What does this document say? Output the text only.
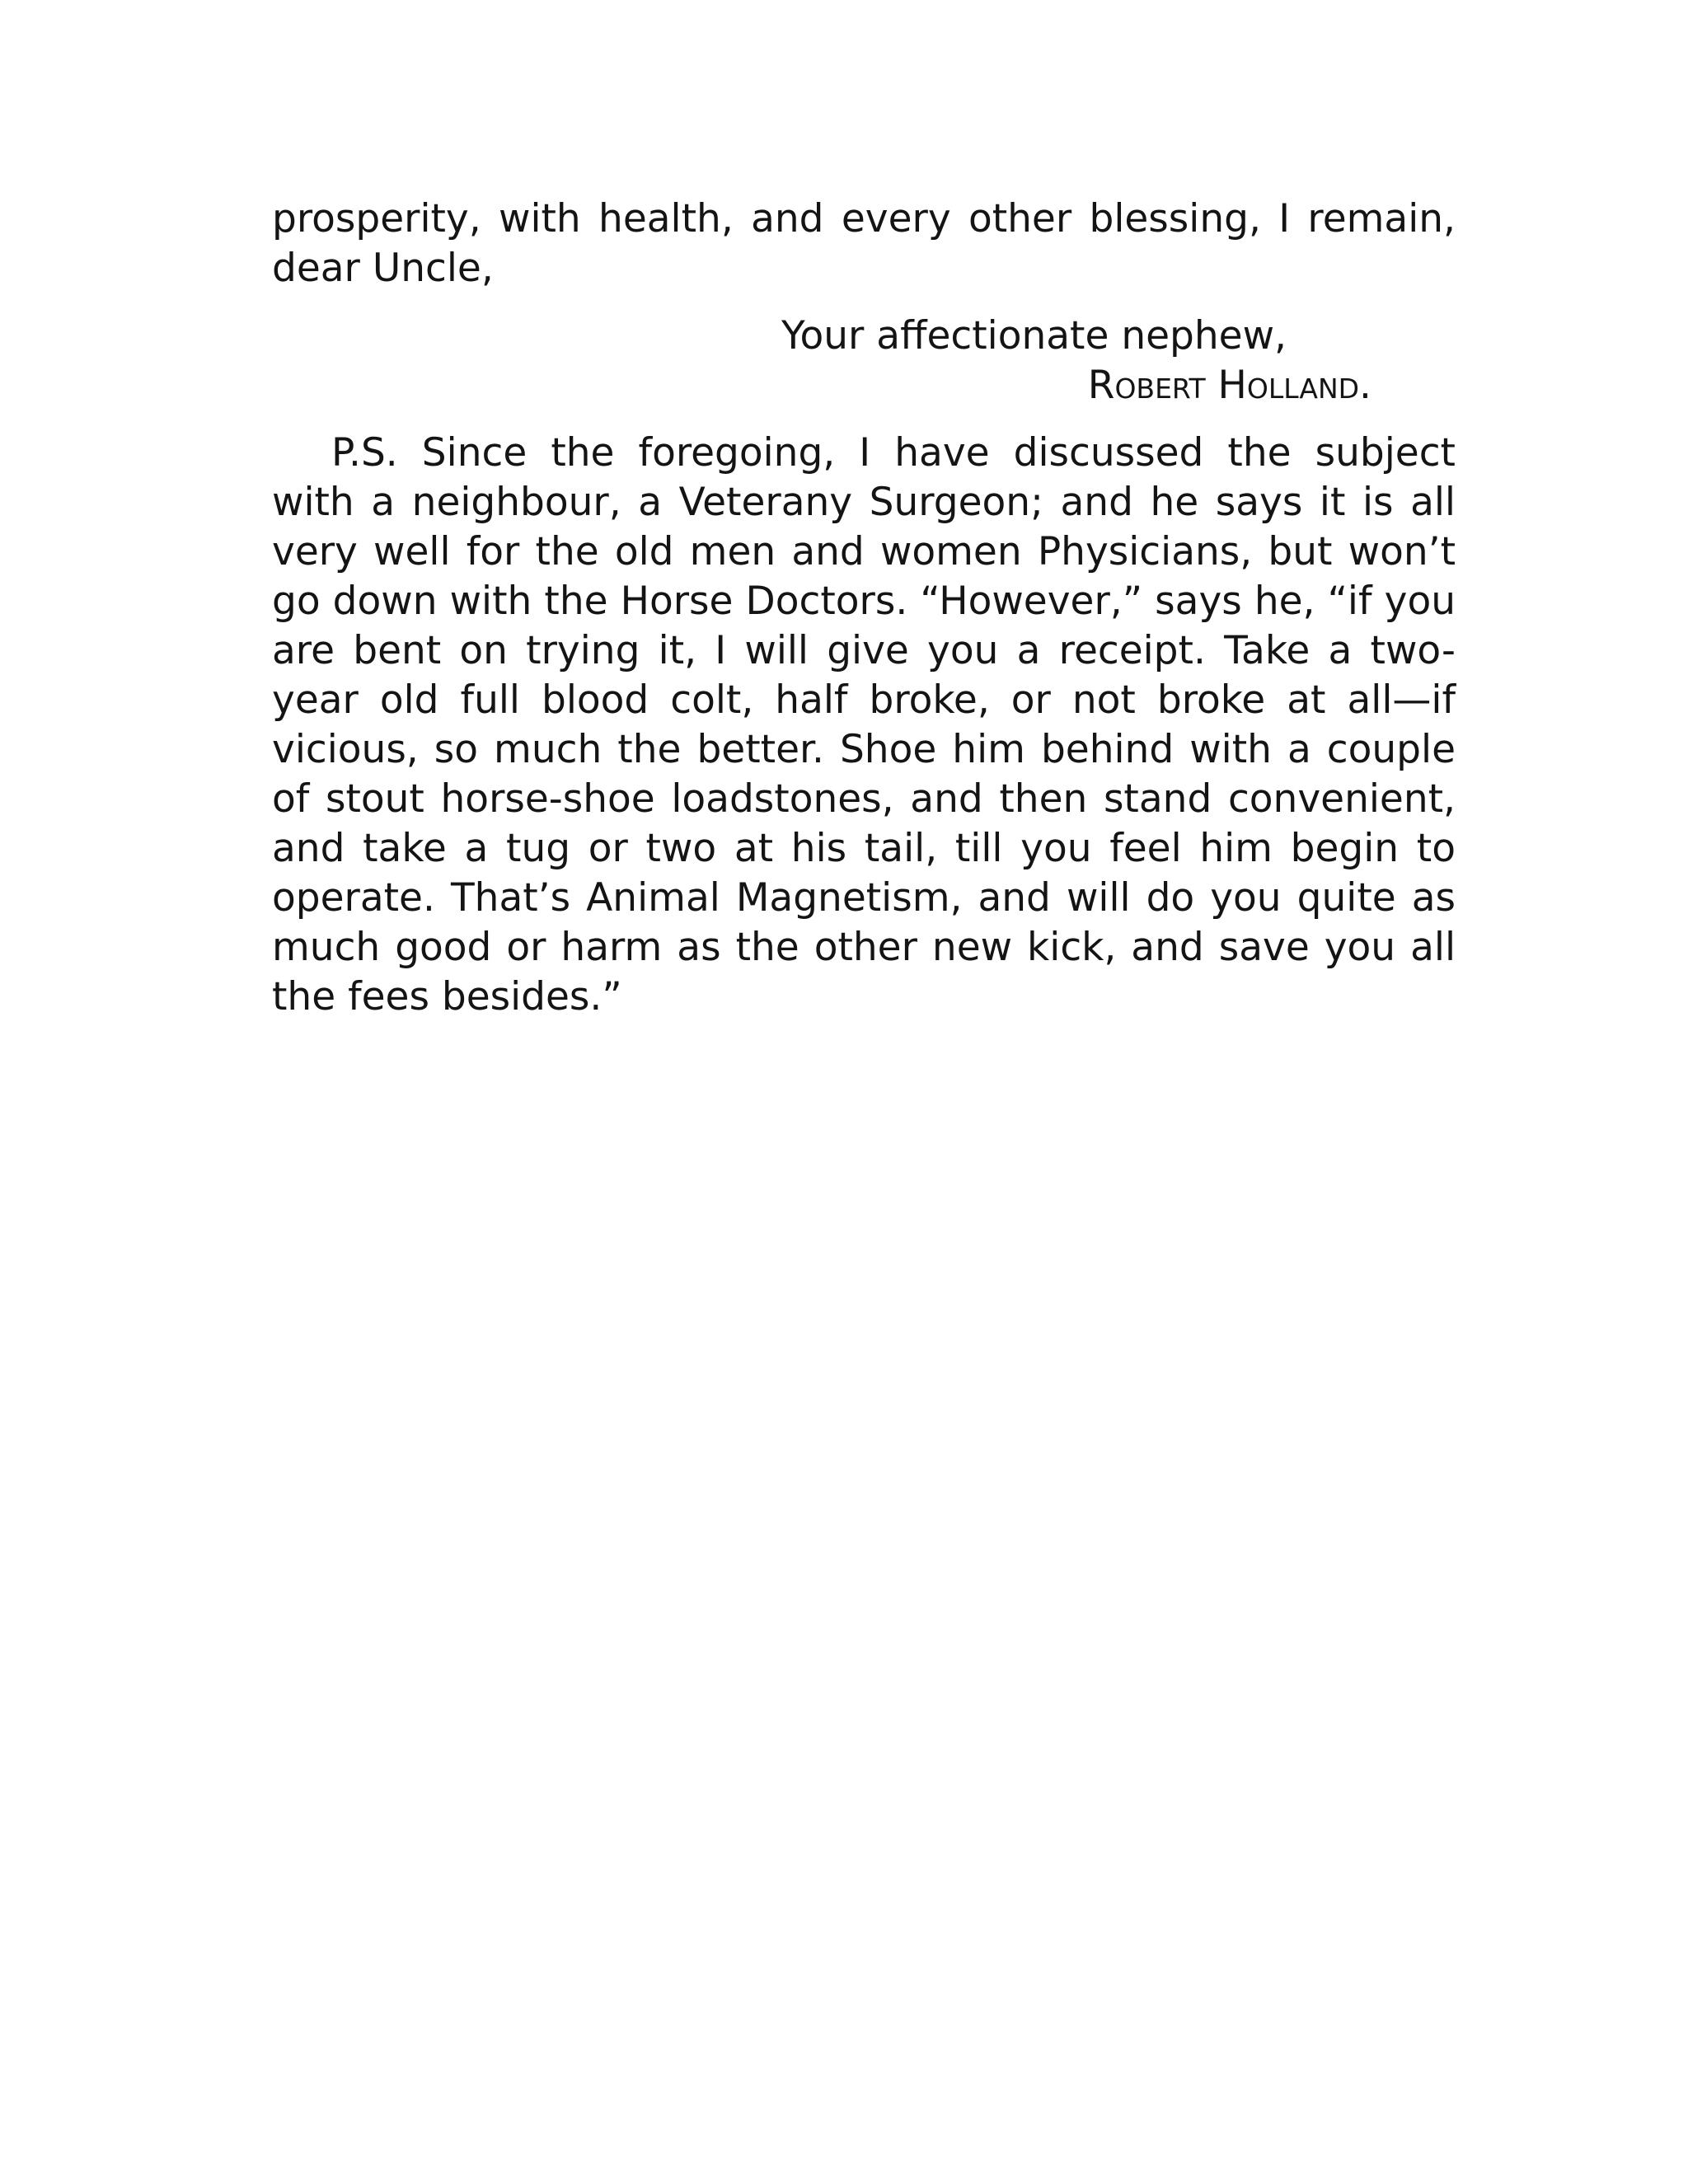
prosperity, with health, and every other blessing, I remain, dear Uncle,

Your affectionate nephew,

Robert Holland.

P.S. Since the foregoing, I have discussed the subject with a neighbour, a Veterany Surgeon; and he says it is all very well for the old men and women Physicians, but won’t go down with the Horse Doctors. “However,” says he, “if you are bent on trying it, I will give you a receipt. Take a two-year old full blood colt, half broke, or not broke at all—if vicious, so much the better. Shoe him behind with a couple of stout horse-shoe loadstones, and then stand convenient, and take a tug or two at his tail, till you feel him begin to operate. That’s Animal Magnetism, and will do you quite as much good or harm as the other new kick, and save you all the fees besides.”
